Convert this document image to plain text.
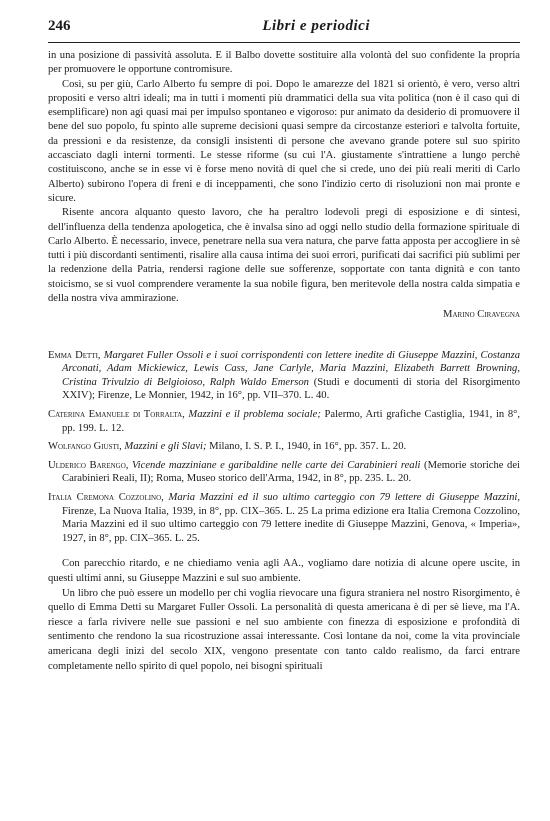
246	Libri e periodici

in una posizione di passività assoluta. E il Balbo dovette sostituire alla volontà del suo confidente la propria per promuovere le opportune contromisure.

Così, su per giù, Carlo Alberto fu sempre di poi. Dopo le amarezze del 1821 si orientò, è vero, verso altri propositi e verso altri ideali; ma in tutti i momenti più drammatici della sua vita politica (non è il caso qui di esemplificare) non agì quasi mai per impulso spontaneo e vigoroso: pur animato da desiderio di promuovere il bene del suo popolo, fu spinto alle supreme decisioni quasi sempre da circostanze esteriori e talvolta fortuite, da pressioni e da resistenze, da consigli insistenti di persone che avevano grande potere sul suo spirito accasciato dagli interni tormenti. Le stesse riforme (su cui l'A. giustamente s'intrattiene a lungo perchè costituiscono, anche se in esse vi è forse meno novità di quel che si crede, uno dei più reali meriti di Carlo Alberto) subirono l'opera di freni e di inceppamenti, che sono l'indizio certo di risoluzioni non mai pronte e sicure.

Risente ancora alquanto questo lavoro, che ha peraltro lodevoli pregi di esposizione e di sintesi, dell'influenza della tendenza apologetica, che è invalsa sino ad oggi nello studio della formazione spirituale di Carlo Alberto. È necessario, invece, penetrare nella sua vera natura, che parve fatta apposta per accogliere in sè tutti i più discordanti sentimenti, risalire alla causa intima dei suoi errori, purificati dai sacrifici più sublimi per la redenzione della Patria, rendersi ragione delle sue sofferenze, sopportate con tanta dignità e con tanto stoicismo, se si vuol comprendere veramente la sua nobile figura, ben meritevole della nostra calda simpatia e della nostra viva ammirazione.

Marino Ciravegna
Emma Detti, Margaret Fuller Ossoli e i suoi corrispondenti con lettere inedite di Giuseppe Mazzini, Costanza Arconati, Adam Mickiewicz, Lewis Cass, Jane Carlyle, Maria Mazzini, Elizabeth Barrett Browning, Cristina Trivulzio di Belgioioso, Ralph Waldo Emerson (Studi e documenti di storia del Risorgimento XXIV); Firenze, Le Monnier, 1942, in 16°, pp. VII–370. L. 40.
Caterina Emanuele di Torralta, Mazzini e il problema sociale; Palermo, Arti grafiche Castiglia, 1941, in 8°, pp. 199. L. 12.
Wolfango Giusti, Mazzini e gli Slavi; Milano, I. S. P. I., 1940, in 16°, pp. 357. L. 20.
Ulderico Barengo, Vicende mazziniane e garibaldine nelle carte dei Carabinieri reali (Memorie storiche dei Carabinieri Reali, II); Roma, Museo storico dell'Arma, 1942, in 8°, pp. 235. L. 20.
Italia Cremona Cozzolino, Maria Mazzini ed il suo ultimo carteggio con 79 lettere di Giuseppe Mazzini, Firenze, La Nuova Italia, 1939, in 8°, pp. CIX–365. L. 25 La prima edizione era Italia Cremona Cozzolino, Maria Mazzini ed il suo ultimo carteggio con 79 lettere inedite di Giuseppe Mazzini, Genova, « Imperia», 1927, in 8°, pp. CIX–365. L. 25.

Con parecchio ritardo, e ne chiediamo venia agli AA., vogliamo dare notizia di alcune opere uscite, in questi ultimi anni, su Giuseppe Mazzini e sul suo ambiente.

Un libro che può essere un modello per chi voglia rievocare una figura straniera nel nostro Risorgimento, è quello di Emma Detti su Margaret Fuller Ossoli. La personalità di questa americana è di per sè lieve, ma l'A. riesce a farla rivivere nelle sue passioni e nel suo ambiente con finezza di esposizione e profondità di sentimento che rendono la sua ricostruzione assai interessante. Così lontane da noi, come la vita provinciale americana degli inizi del secolo XIX, vengono presentate con tanto caldo realismo, da farci entrare completamente nello spirito di quel popolo, nei bisogni spirituali
